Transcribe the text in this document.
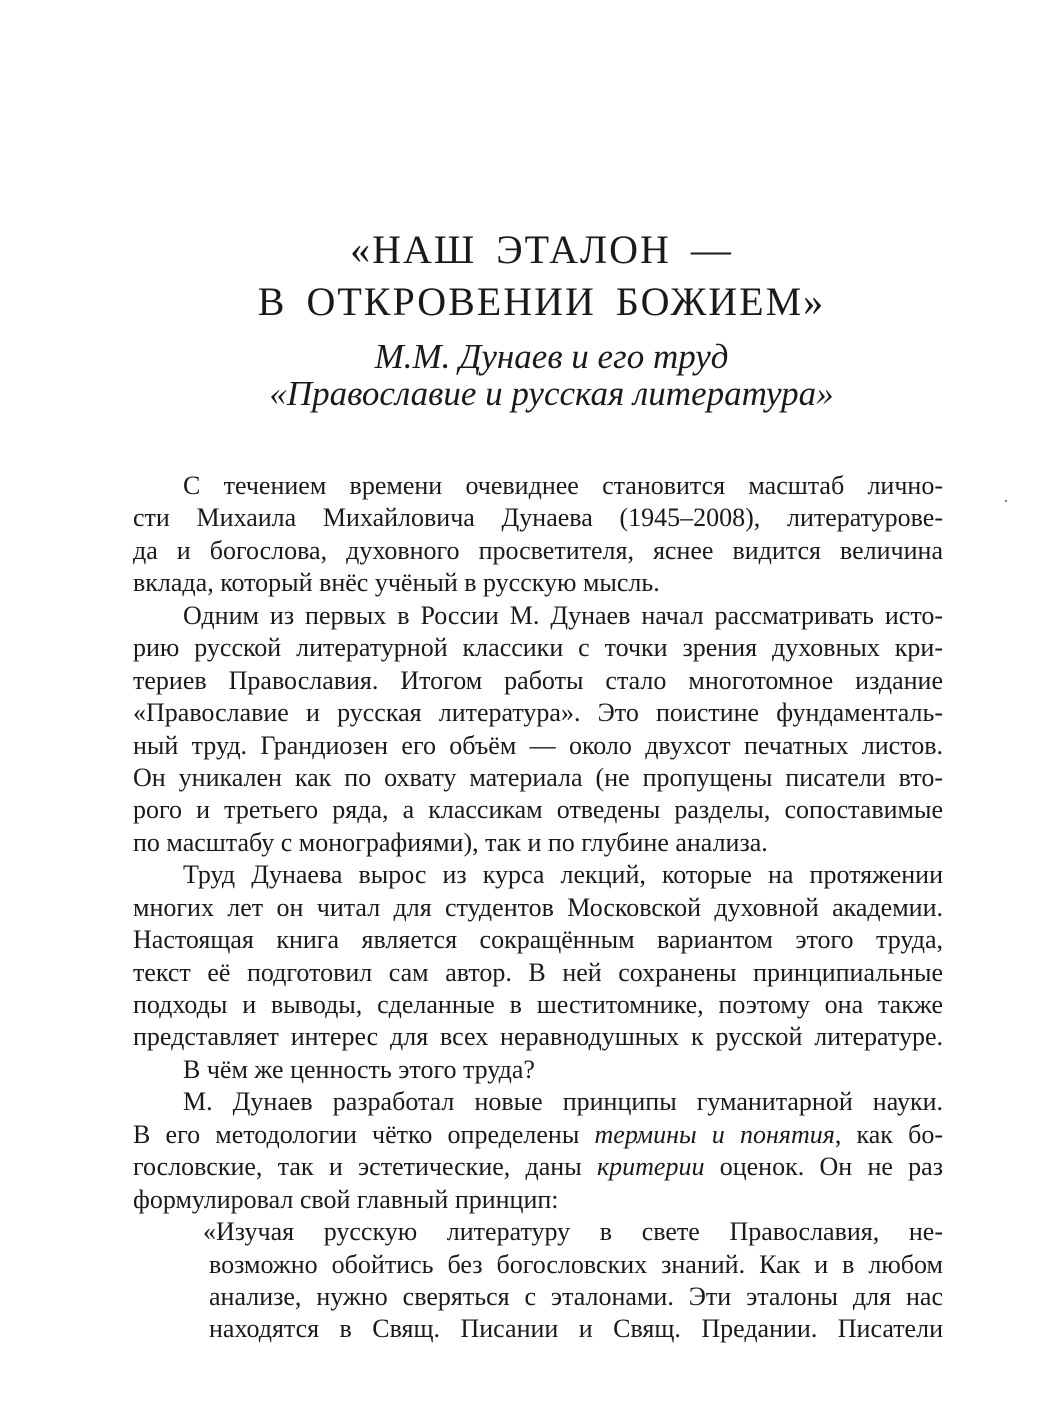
«НАШ ЭТАЛОН —
В ОТКРОВЕНИИ БОЖИЕМ»
М.М. Дунаев и его труд
«Православие и русская литература»
С течением времени очевиднее становится масштаб лично-
сти Михаила Михайловича Дунаева (1945–2008), литературове-
да и богослова, духовного просветителя, яснее видится величина
вклада, который внёс учёный в русскую мысль.
Одним из первых в России М. Дунаев начал рассматривать исто-
рию русской литературной классики с точки зрения духовных кри-
териев Православия. Итогом работы стало многотомное издание
«Православие и русская литература». Это поистине фундаменталь-
ный труд. Грандиозен его объём — около двухсот печатных листов.
Он уникален как по охвату материала (не пропущены писатели вто-
рого и третьего ряда, а классикам отведены разделы, сопоставимые
по масштабу с монографиями), так и по глубине анализа.
Труд Дунаева вырос из курса лекций, которые на протяжении
многих лет он читал для студентов Московской духовной академии.
Настоящая книга является сокращённым вариантом этого труда,
текст её подготовил сам автор. В ней сохранены принципиальные
подходы и выводы, сделанные в шеститомнике, поэтому она также
представляет интерес для всех неравнодушных к русской литературе.
В чём же ценность этого труда?
М. Дунаев разработал новые принципы гуманитарной науки.
В его методологии чётко определены термины и понятия, как бо-
гословские, так и эстетические, даны критерии оценок. Он не раз
формулировал свой главный принцип:
«Изучая русскую литературу в свете Православия, не-
возможно обойтись без богословских знаний. Как и в любом
анализе, нужно сверяться с эталонами. Эти эталоны для нас
находятся в Свящ. Писании и Свящ. Предании. Писатели
